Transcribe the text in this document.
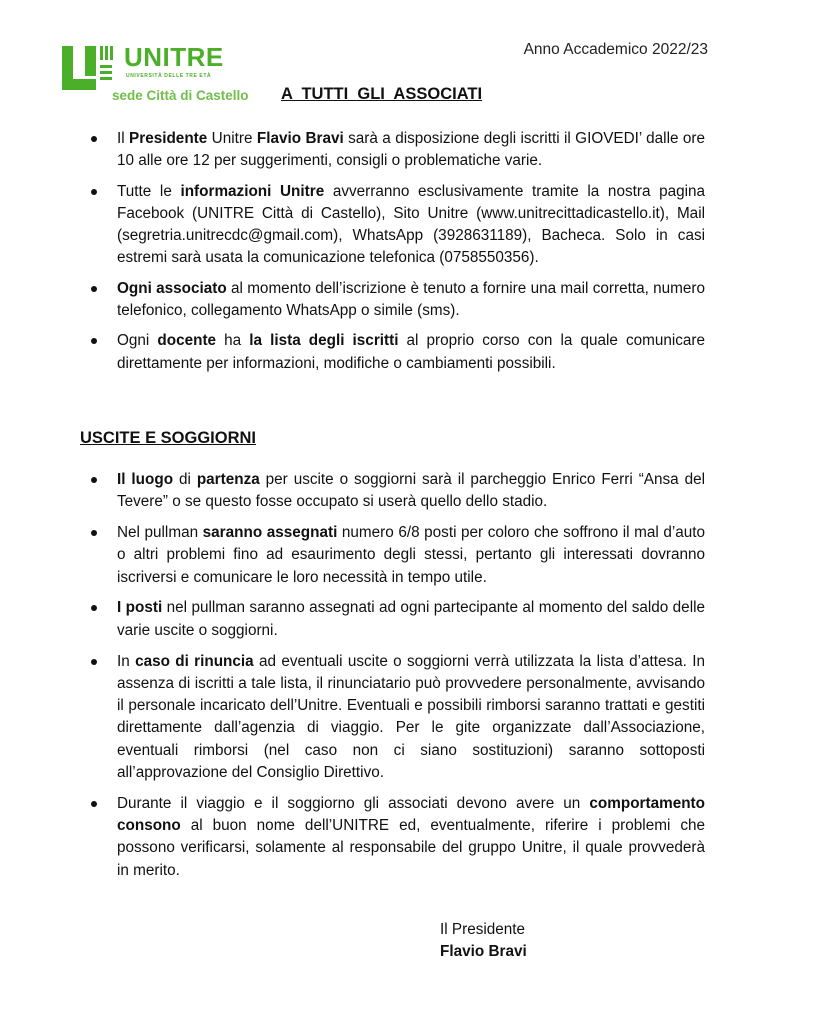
Anno Accademico 2022/23
UNITRE
UNIVERSITÀ DELLE TRE ETÀ
sede Città di Castello A  TUTTI  GLI  ASSOCIATI
Il Presidente Unitre Flavio Bravi sarà a disposizione degli iscritti il GIOVEDI’ dalle ore 10 alle ore 12 per suggerimenti, consigli o problematiche varie.
Tutte le informazioni Unitre avverranno esclusivamente tramite la nostra pagina Facebook (UNITRE Città di Castello), Sito Unitre (www.unitrecittadicastello.it), Mail (segretria.unitrecdc@gmail.com), WhatsApp (3928631189), Bacheca. Solo in casi estremi sarà usata la comunicazione telefonica (0758550356).
Ogni associato al momento dell’iscrizione è tenuto a fornire una mail corretta, numero telefonico, collegamento WhatsApp o simile (sms).
Ogni docente ha la lista degli iscritti al proprio corso con la quale comunicare direttamente per informazioni, modifiche o cambiamenti possibili.
USCITE E SOGGIORNI
Il luogo di partenza per uscite o soggiorni sarà il parcheggio Enrico Ferri “Ansa del Tevere” o se questo fosse occupato si userà quello dello stadio.
Nel pullman saranno assegnati numero 6/8 posti per coloro che soffrono il mal d’auto o altri problemi fino ad esaurimento degli stessi, pertanto gli interessati dovranno iscriversi e comunicare le loro necessità in tempo utile.
I posti nel pullman saranno assegnati ad ogni partecipante al momento del saldo delle varie uscite o soggiorni.
In caso di rinuncia ad eventuali uscite o soggiorni verrà utilizzata la lista d’attesa. In assenza di iscritti a tale lista, il rinunciatario può provvedere personalmente, avvisando il personale incaricato dell’Unitre. Eventuali e possibili rimborsi saranno trattati e gestiti direttamente dall’agenzia di viaggio. Per le gite organizzate dall’Associazione, eventuali rimborsi (nel caso non ci siano sostituzioni) saranno sottoposti all’approvazione del Consiglio Direttivo.
Durante il viaggio e il soggiorno gli associati devono avere un comportamento consono al buon nome dell’UNITRE ed, eventualmente, riferire i problemi che possono verificarsi, solamente al responsabile del gruppo Unitre, il quale provvederà in merito.
Il Presidente
Flavio Bravi
